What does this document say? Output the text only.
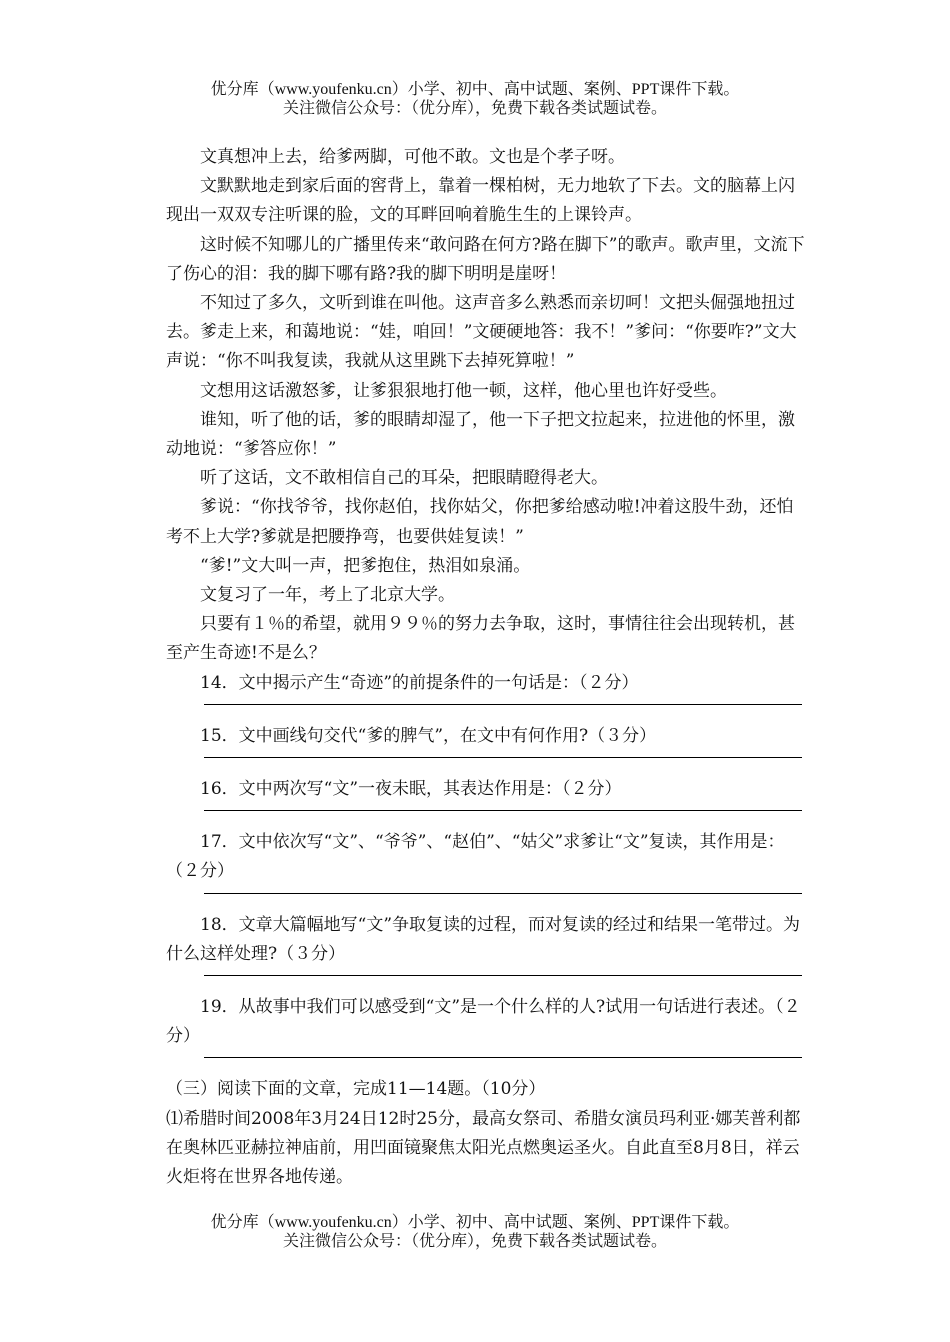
优分库（www.youfenku.cn）小学、初中、高中试题、案例、PPT课件下载。
关注微信公众号：（优分库），免费下载各类试题试卷。

文真想冲上去，给爹两脚，可他不敢。文也是个孝子呀。

文默默地走到家后面的窖背上，靠着一棵柏树，无力地软了下去。文的脑幕上闪现出一双双专注听课的脸，文的耳畔回响着脆生生的上课铃声。

这时候不知哪儿的广播里传来“敢问路在何方?路在脚下”的歌声。歌声里，文流下了伤心的泪：我的脚下哪有路?我的脚下明明是崖呀！

不知过了多久，文听到谁在叫他。这声音多么熟悉而亲切呵！文把头倔强地扭过去。爹走上来，和蔼地说：“娃，咱回！”文硬硬地答：我不！”爹问：“你要咋?”文大声说：“你不叫我复读，我就从这里跳下去掉死算啦！”

文想用这话激怒爹，让爹狠狠地打他一顿，这样，他心里也许好受些。

谁知，听了他的话，爹的眼睛却湿了，他一下子把文拉起来，拉进他的怀里，激动地说：“爹答应你！”

听了这话，文不敢相信自己的耳朵，把眼睛瞪得老大。

爹说：“你找爷爷，找你赵伯，找你姑父，你把爹给感动啦!冲着这股牛劲，还怕考不上大学?爹就是把腰挣弯，也要供娃复读！”

“爹!”文大叫一声，把爹抱住，热泪如泉涌。

文复习了一年，考上了北京大学。

只要有１％的希望，就用９９％的努力去争取，这时，事情往往会出现转机，甚至产生奇迹!不是么？

14．文中揭示产生“奇迹”的前提条件的一句话是：（２分）

15．文中画线句交代“爹的脾气”，在文中有何作用?（３分）

16．文中两次写“文”一夜未眠，其表达作用是：（２分）

17．文中依次写“文”、“爷爷”、“赵伯”、“姑父”求爹让“文”复读，其作用是：（２分）

18．文章大篇幅地写“文”争取复读的过程，而对复读的经过和结果一笔带过。为什么这样处理?（３分）

19．从故事中我们可以感受到“文”是一个什么样的人?试用一句话进行表述。（２分）

（三）阅读下面的文章，完成11—14题。（10分）

⑴希腊时间2008年3月24日12时25分，最高女祭司、希腊女演员玛利亚·娜芙普利都在奥林匹亚赫拉神庙前，用凹面镜聚焦太阳光点燃奥运圣火。自此直至8月8日，祥云火炬将在世界各地传递。

优分库（www.youfenku.cn）小学、初中、高中试题、案例、PPT课件下载。
关注微信公众号：（优分库），免费下载各类试题试卷。
